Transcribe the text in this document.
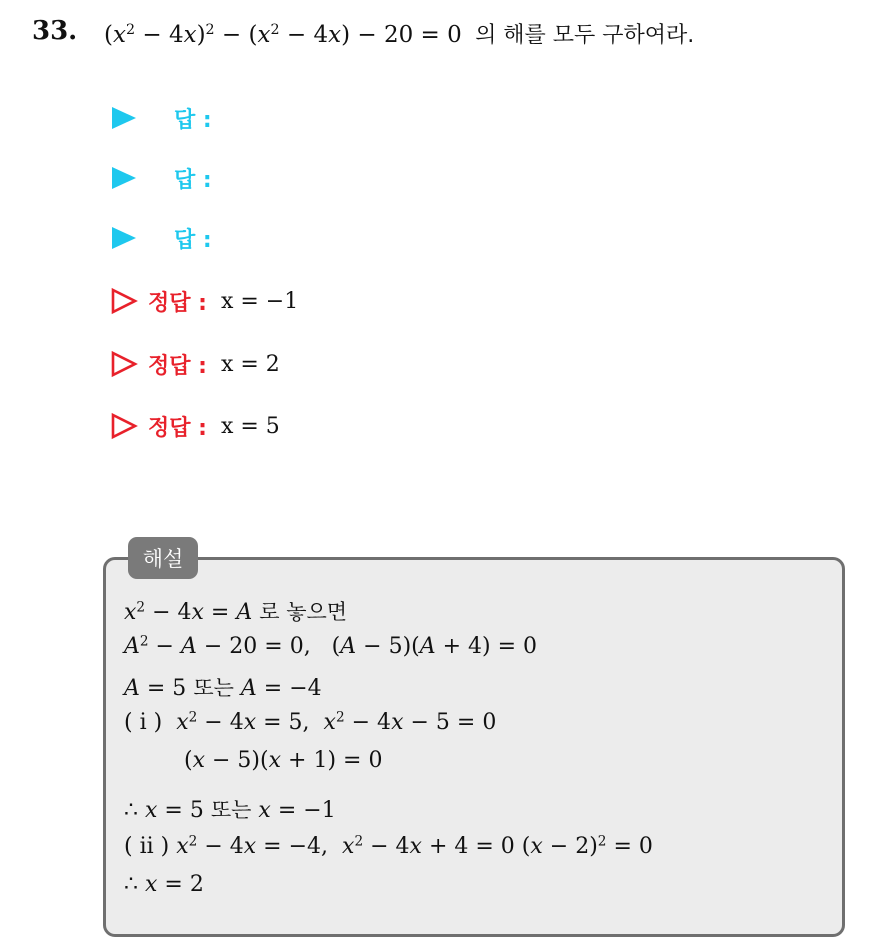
33. $(x^2 - 4x)^2 - (x^2 - 4x) - 20 = 0$ 의 해를 모두 구하여라.
답 :
답 :
답 :
정답 : x = −1
정답 : x = 2
정답 : x = 5
해설
$x^2 - 4x = A$ 로 놓으면
$A^2 - A - 20 = 0$,   (A − 5)(A + 4) = 0
A = 5 또는 A = −4
( i ) $x^2 - 4x = 5$,  $x^2 - 4x - 5 = 0$
(x − 5)(x + 1) = 0
∴ x = 5 또는 x = −1
( ii ) $x^2 - 4x = -4$,  $x^2 - 4x + 4 = 0$ $(x - 2)^2 = 0$
∴ x = 2
